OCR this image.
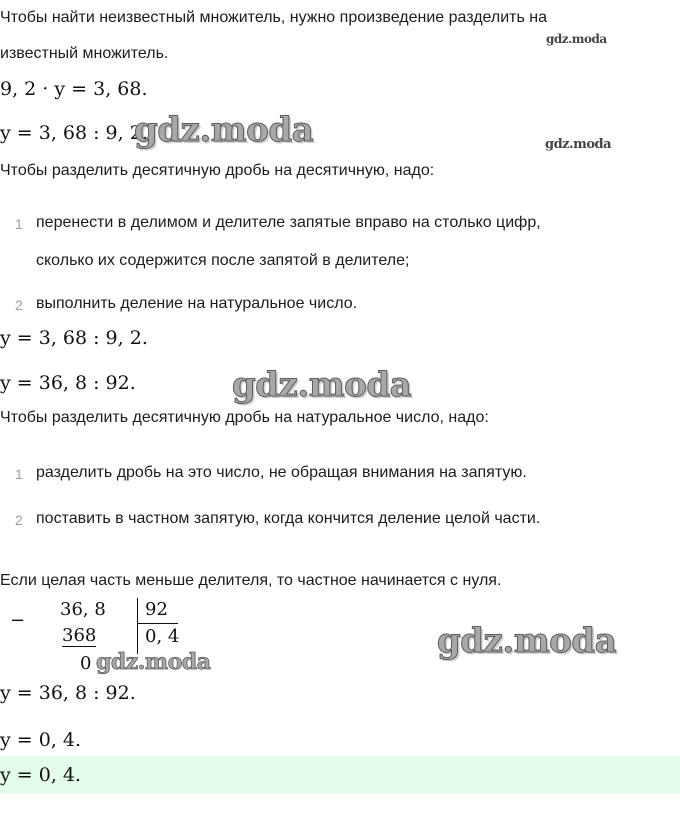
Чтобы найти неизвестный множитель, нужно произведение разделить на
gdz.moda
известный множитель.
9, 2 · y = 3, 68.
y = 3, 68 : 9, 2.
gdz.moda	gdz.moda
Чтобы разделить десятичную дробь на десятичную, надо:
1 перенести в делимом и делителе запятые вправо на столько цифр,
сколько их содержится после запятой в делителе;
2 выполнить деление на натуральное число.
y = 3, 68 : 9, 2.
y = 36, 8 : 92.	gdz.moda
Чтобы разделить десятичную дробь на натуральное число, надо:
1 разделить дробь на это число, не обращая внимания на запятую.
2 поставить в частном запятую, когда кончится деление целой части.
Если целая часть меньше делителя, то частное начинается с нуля.
−
36, 8 92
368	0, 4
0 gdz.moda
gdz.moda
y = 36, 8 : 92.
y = 0, 4.
y = 0, 4.
